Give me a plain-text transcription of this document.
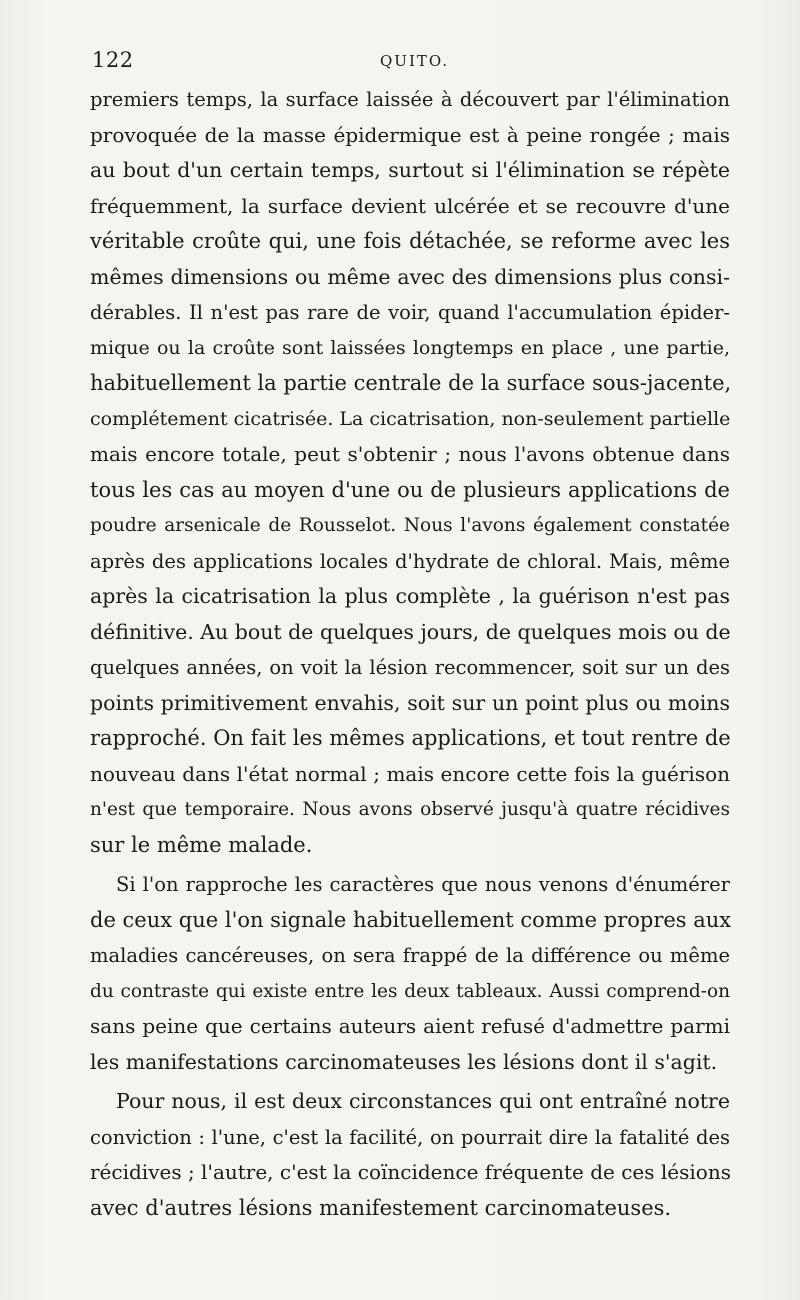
122	QUITO.
premiers temps, la surface laissée à découvert par l'élimination
provoquée de la masse épidermique est à peine rongée ; mais
au bout d'un certain temps, surtout si l'élimination se répète
fréquemment, la surface devient ulcérée et se recouvre d'une
véritable croûte qui, une fois détachée, se reforme avec les
mêmes dimensions ou même avec des dimensions plus consi-
dérables. Il n'est pas rare de voir, quand l'accumulation épider-
mique ou la croûte sont laissées longtemps en place , une partie,
habituellement la partie centrale de la surface sous-jacente,
complétement cicatrisée. La cicatrisation, non-seulement partielle
mais encore totale, peut s'obtenir ; nous l'avons obtenue dans
tous les cas au moyen d'une ou de plusieurs applications de
poudre arsenicale de Rousselot. Nous l'avons également constatée
après des applications locales d'hydrate de chloral. Mais, même
après la cicatrisation la plus complète , la guérison n'est pas
définitive. Au bout de quelques jours, de quelques mois ou de
quelques années, on voit la lésion recommencer, soit sur un des
points primitivement envahis, soit sur un point plus ou moins
rapproché. On fait les mêmes applications, et tout rentre de
nouveau dans l'état normal ; mais encore cette fois la guérison
n'est que temporaire. Nous avons observé jusqu'à quatre récidives
sur le même malade.
Si l'on rapproche les caractères que nous venons d'énumérer
de ceux que l'on signale habituellement comme propres aux
maladies cancéreuses, on sera frappé de la différence ou même
du contraste qui existe entre les deux tableaux. Aussi comprend-on
sans peine que certains auteurs aient refusé d'admettre parmi
les manifestations carcinomateuses les lésions dont il s'agit.
Pour nous, il est deux circonstances qui ont entraîné notre
conviction : l'une, c'est la facilité, on pourrait dire la fatalité des
récidives ; l'autre, c'est la coïncidence fréquente de ces lésions
avec d'autres lésions manifestement carcinomateuses.
